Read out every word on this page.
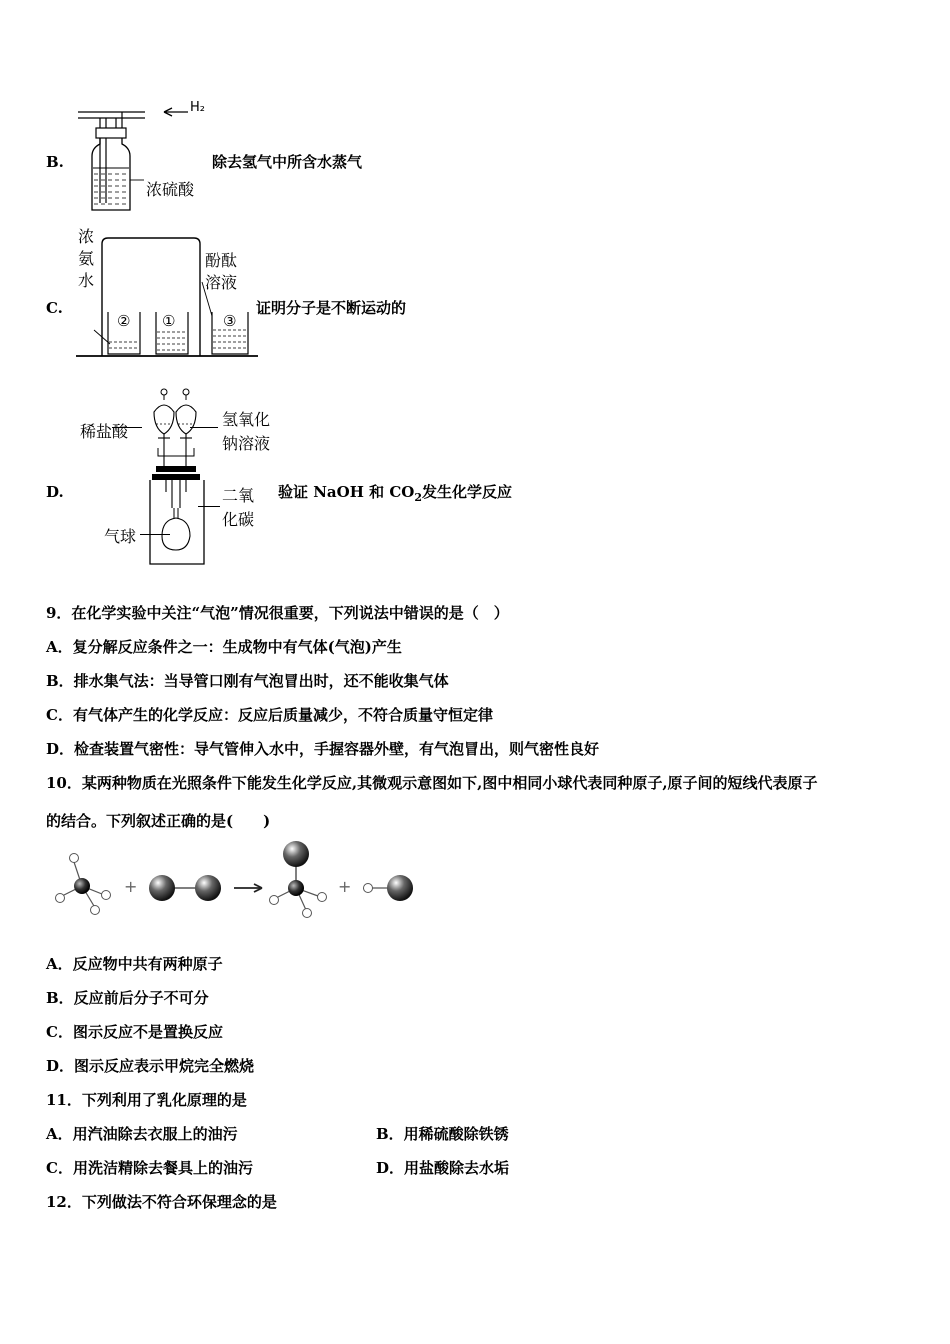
B.
H₂
浓硫酸
除去氢气中所含水蒸气
C.
浓
氨
水
酚酞
溶液
② ①	③
证明分子是不断运动的
D.
稀盐酸
氢氧化
钠溶液
二氧
化碳
气球
验证 NaOH 和 $CO_2$发生化学反应
9．在化学实验中关注“气泡”情况很重要，下列说法中错误的是（　）
A．复分解反应条件之一：生成物中有气体(气泡)产生
B．排水集气法：当导管口刚有气泡冒出时，还不能收集气体
C．有气体产生的化学反应：反应后质量减少，不符合质量守恒定律
D．检查装置气密性：导气管伸入水中，手握容器外壁，有气泡冒出，则气密性良好
10．某两种物质在光照条件下能发生化学反应,其微观示意图如下,图中相同小球代表同种原子,原子间的短线代表原子
的结合。下列叙述正确的是(　　)
+	+
A．反应物中共有两种原子
B．反应前后分子不可分
C．图示反应不是置换反应
D．图示反应表示甲烷完全燃烧
11．下列利用了乳化原理的是
A．用汽油除去衣服上的油污	B．用稀硫酸除铁锈
C．用洗洁精除去餐具上的油污	D．用盐酸除去水垢
12．下列做法不符合环保理念的是
